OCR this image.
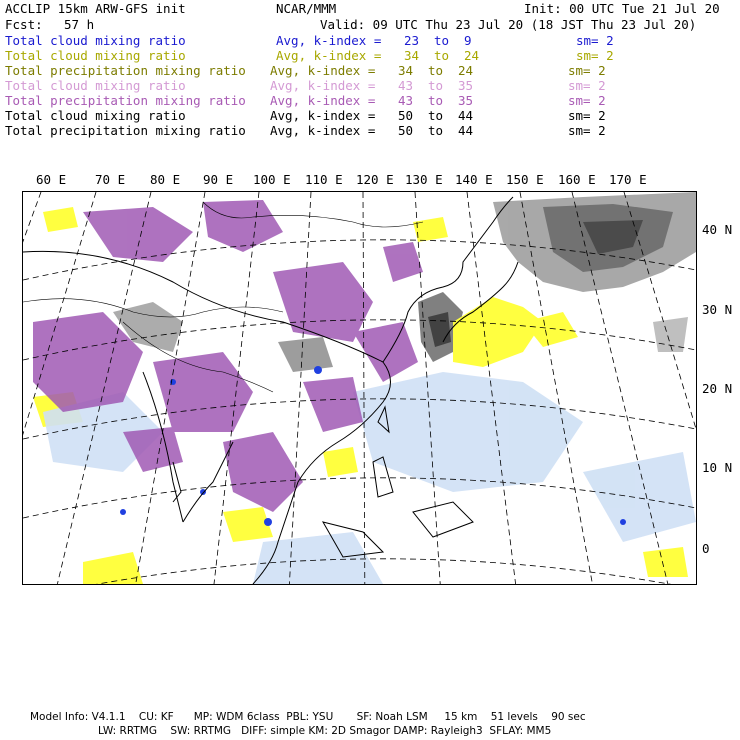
ACCLIP 15km ARW-GFS init	NCAR/MMM	Init: 00 UTC Tue 21 Jul 20
Fcst: 57 h	Valid: 09 UTC Thu 23 Jul 20 (18 JST Thu 23 Jul 20)
Total cloud mixing ratio	Avg, k-index = 23 to 9	sm= 2
Total cloud mixing ratio	Avg, k-index = 34 to 24	sm= 2
Total precipitation mixing ratio Avg, k-index = 34 to 24	sm= 2
Total cloud mixing ratio	Avg, k-index = 43 to 35	sm= 2
Total precipitation mixing ratio Avg, k-index = 43 to 35	sm= 2
Total cloud mixing ratio	Avg, k-index = 50 to 44	sm= 2
Total precipitation mixing ratio Avg, k-index = 50 to 44	sm= 2
60 E 70 E 80 E 90 E 100 E 110 E 120 E 130 E 140 E 150 E 160 E 170 E
40 N
30 N
20 N
10 N
0
Model Info: V4.1.1    CU: KF      MP: WDM 6class  PBL: YSU       SF: Noah LSM     15 km    51 levels    90 sec
LW: RRTMG    SW: RRTMG   DIFF: simple KM: 2D Smagor DAMP: Rayleigh3  SFLAY: MM5
